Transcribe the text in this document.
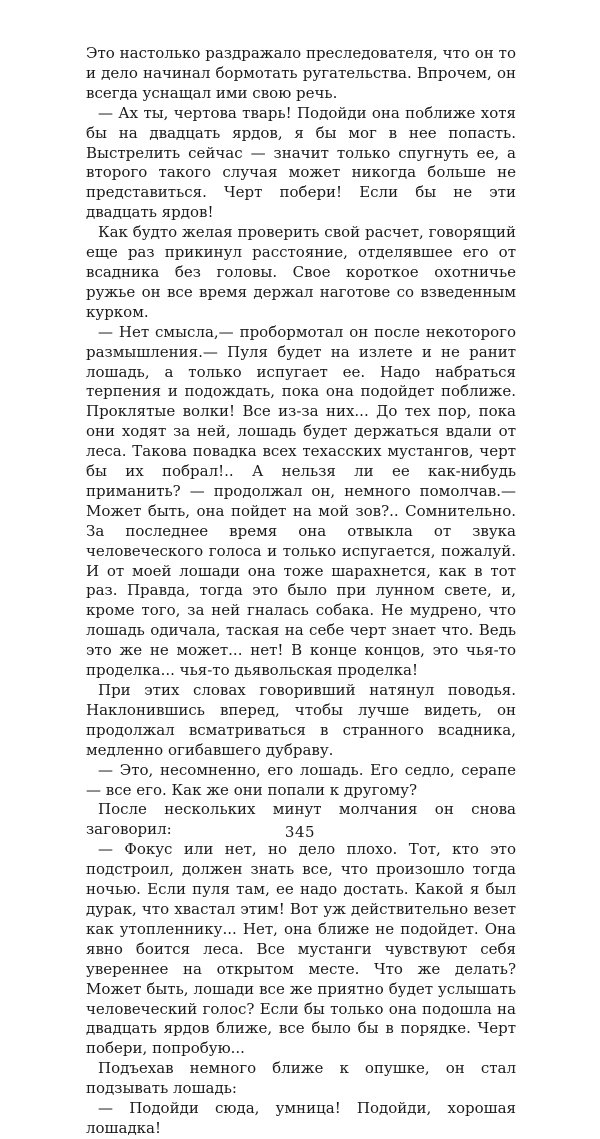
Это настолько раздражало преследователя, что он то и дело начинал бормотать ругательства. Впрочем, он всегда уснащал ими свою речь.

— Ах ты, чертова тварь! Подойди она поближе хотя бы на двадцать ярдов, я бы мог в нее попасть. Выстрелить сейчас — значит только спугнуть ее, а второго такого случая может никогда больше не представиться. Черт побери! Если бы не эти двадцать ярдов!

Как будто желая проверить свой расчет, говорящий еще раз прикинул расстояние, отделявшее его от всадника без головы. Свое короткое охотничье ружье он все время держал наготове со взведенным курком.

— Нет смысла,— пробормотал он после некоторого размышления.— Пуля будет на излете и не ранит лошадь, а только испугает ее. Надо набраться терпения и подождать, пока она подойдет поближе. Проклятые волки! Все из-за них... До тех пор, пока они ходят за ней, лошадь будет держаться вдали от леса. Такова повадка всех техасских мустангов, черт бы их побрал!.. А нельзя ли ее как-нибудь приманить? — продолжал он, немного помолчав.— Может быть, она пойдет на мой зов?.. Сомнительно. За последнее время она отвыкла от звука человеческого голоса и только испугается, пожалуй. И от моей лошади она тоже шарахнется, как в тот раз. Правда, тогда это было при лунном свете, и, кроме того, за ней гналась собака. Не мудрено, что лошадь одичала, таская на себе черт знает что. Ведь это же не может... нет! В конце концов, это чья-то проделка... чья-то дьявольская проделка!

При этих словах говоривший натянул поводья. Наклонившись вперед, чтобы лучше видеть, он продолжал всматриваться в странного всадника, медленно огибавшего дубраву.

— Это, несомненно, его лошадь. Его седло, серапе — все его. Как же они попали к другому?

После нескольких минут молчания он снова заговорил:

— Фокус или нет, но дело плохо. Тот, кто это подстроил, должен знать все, что произошло тогда ночью. Если пуля там, ее надо достать. Какой я был дурак, что хвастал этим! Вот уж действительно везет как утопленнику... Нет, она ближе не подойдет. Она явно боится леса. Все мустанги чувствуют себя увереннее на открытом месте. Что же делать? Может быть, лошади все же приятно будет услышать человеческий голос? Если бы только она подошла на двадцать ярдов ближе, все было бы в порядке. Черт побери, попробую...

Подъехав немного ближе к опушке, он стал подзывать лошадь:

— Подойди сюда, умница! Подойди, хорошая лошадка!

345
